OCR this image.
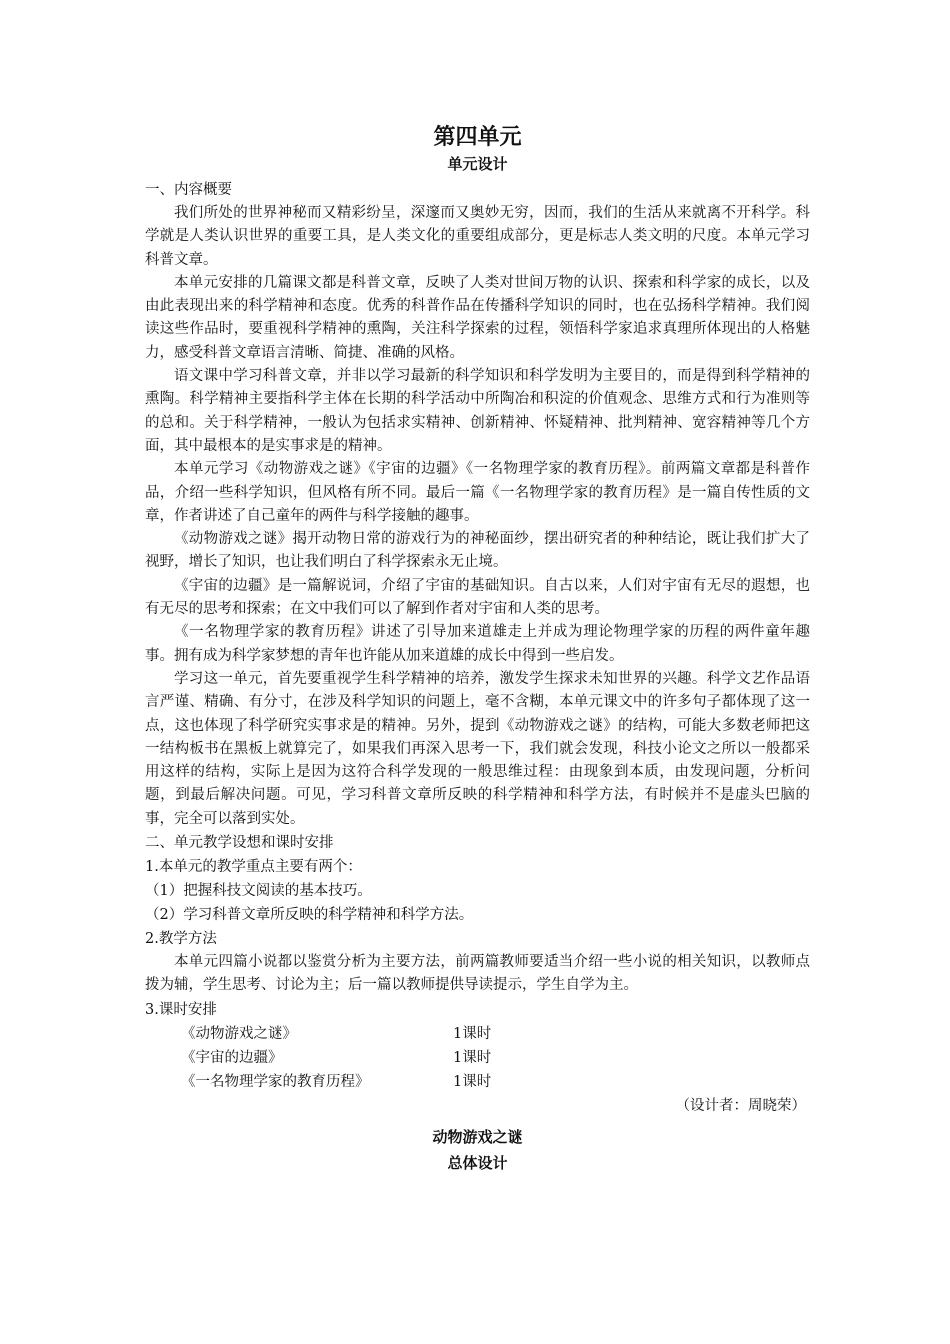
第四单元
单元设计

一、内容概要

我们所处的世界神秘而又精彩纷呈，深邃而又奥妙无穷，因而，我们的生活从来就离不开科学。科学就是人类认识世界的重要工具，是人类文化的重要组成部分，更是标志人类文明的尺度。本单元学习科普文章。

本单元安排的几篇课文都是科普文章，反映了人类对世间万物的认识、探索和科学家的成长，以及由此表现出来的科学精神和态度。优秀的科普作品在传播科学知识的同时，也在弘扬科学精神。我们阅读这些作品时，要重视科学精神的熏陶，关注科学探索的过程，领悟科学家追求真理所体现出的人格魅力，感受科普文章语言清晰、简捷、准确的风格。

语文课中学习科普文章，并非以学习最新的科学知识和科学发明为主要目的，而是得到科学精神的熏陶。科学精神主要指科学主体在长期的科学活动中所陶冶和积淀的价值观念、思维方式和行为准则等的总和。关于科学精神，一般认为包括求实精神、创新精神、怀疑精神、批判精神、宽容精神等几个方面，其中最根本的是实事求是的精神。

本单元学习《动物游戏之谜》《宇宙的边疆》《一名物理学家的教育历程》。前两篇文章都是科普作品，介绍一些科学知识，但风格有所不同。最后一篇《一名物理学家的教育历程》是一篇自传性质的文章，作者讲述了自己童年的两件与科学接触的趣事。

《动物游戏之谜》揭开动物日常的游戏行为的神秘面纱，摆出研究者的种种结论，既让我们扩大了视野，增长了知识，也让我们明白了科学探索永无止境。

《宇宙的边疆》是一篇解说词，介绍了宇宙的基础知识。自古以来，人们对宇宙有无尽的遐想，也有无尽的思考和探索；在文中我们可以了解到作者对宇宙和人类的思考。

《一名物理学家的教育历程》讲述了引导加来道雄走上并成为理论物理学家的历程的两件童年趣事。拥有成为科学家梦想的青年也许能从加来道雄的成长中得到一些启发。

学习这一单元，首先要重视学生科学精神的培养，激发学生探求未知世界的兴趣。科学文艺作品语言严谨、精确、有分寸，在涉及科学知识的问题上，毫不含糊，本单元课文中的许多句子都体现了这一点，这也体现了科学研究实事求是的精神。另外，提到《动物游戏之谜》的结构，可能大多数老师把这一结构板书在黑板上就算完了，如果我们再深入思考一下，我们就会发现，科技小论文之所以一般都采用这样的结构，实际上是因为这符合科学发现的一般思维过程：由现象到本质，由发现问题，分析问题，到最后解决问题。可见，学习科普文章所反映的科学精神和科学方法，有时候并不是虚头巴脑的事，完全可以落到实处。

二、单元教学设想和课时安排

1.本单元的教学重点主要有两个：

（1）把握科技文阅读的基本技巧。

（2）学习科普文章所反映的科学精神和科学方法。

2.教学方法

本单元四篇小说都以鉴赏分析为主要方法，前两篇教师要适当介绍一些小说的相关知识，以教师点拨为辅，学生思考、讨论为主；后一篇以教师提供导读提示，学生自学为主。

3.课时安排

《动物游戏之谜》	1课时
《宇宙的边疆》	1课时
《一名物理学家的教育历程》	1课时

（设计者：周晓荣）

动物游戏之谜
总体设计
